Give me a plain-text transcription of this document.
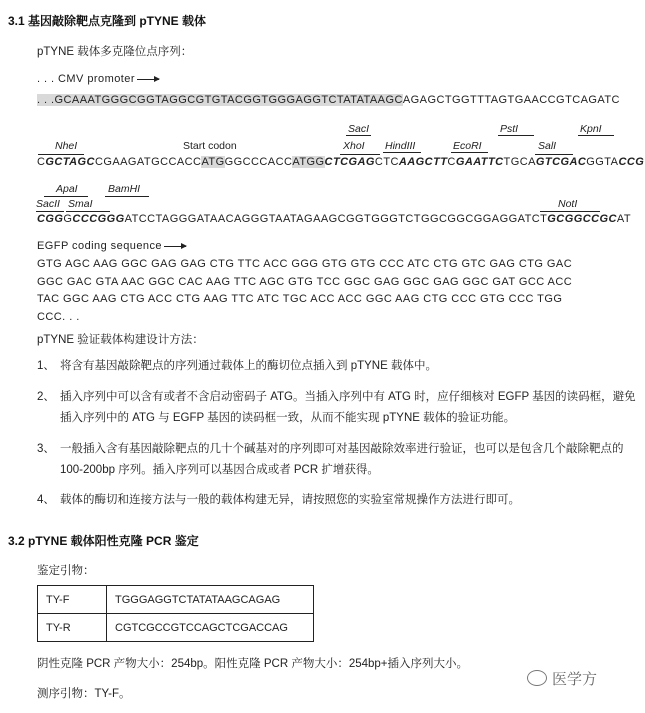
3.1 基因敲除靶点克隆到 pTYNE 载体
pTYNE 载体多克隆位点序列：
. . . CMV promoter
. . .GCAAATGGGCGGTAGGCGTGTACGGTGGGAGGTCTATATAAGCAGAGCTGGTTTAGTGAACCGTCAGATC
SacI	PstI	KpnI
NheI	Start codon	XhoI HindIII	EcoRI	SalI
CGCTAGCCGAAGATGCCACCATGGGCCCACCATGGCTCGAGCTCAAGCTTCGAATTCTGCAGTCGACGGTACCG
ApaI	BamHI
SacII SmaI	NotI
CGGGCCCGGGATCCTAGGGATAACAGGGTAATAGAAGCGGTGGGTCTGGCGGCGGAGGATCTGCGGCCGCAT
EGFP coding sequence
GTG AGC AAG GGC GAG GAG CTG TTC ACC GGG GTG GTG CCC ATC CTG GTC GAG CTG GAC
GGC GAC GTA AAC GGC CAC AAG TTC AGC GTG TCC GGC GAG GGC GAG GGC GAT GCC ACC
TAC GGC AAG CTG ACC CTG AAG TTC ATC TGC ACC ACC GGC AAG CTG CCC GTG CCC TGG
CCC. . .
pTYNE 验证载体构建设计方法：
1、 将含有基因敲除靶点的序列通过载体上的酶切位点插入到 pTYNE 载体中。
2、 插入序列中可以含有或者不含启动密码子 ATG。当插入序列中有 ATG 时，应仔细核对 EGFP 基因的读码框，避免插入序列中的 ATG 与 EGFP 基因的读码框一致，从而不能实现 pTYNE 载体的验证功能。
3、 一般插入含有基因敲除靶点的几十个碱基对的序列即可对基因敲除效率进行验证，也可以是包含几个敲除靶点的 100-200bp 序列。插入序列可以基因合成或者 PCR 扩增获得。
4、 载体的酶切和连接方法与一般的载体构建无异，请按照您的实验室常规操作方法进行即可。
3.2 pTYNE 载体阳性克隆 PCR 鉴定
鉴定引物：
TY-F	TGGGAGGTCTATATAAGCAGAG
TY-R	CGTCGCCGTCCAGCTCGACCAG
阴性克隆 PCR 产物大小：254bp。阳性克隆 PCR 产物大小：254bp+插入序列大小。
测序引物：TY-F。
医学方
